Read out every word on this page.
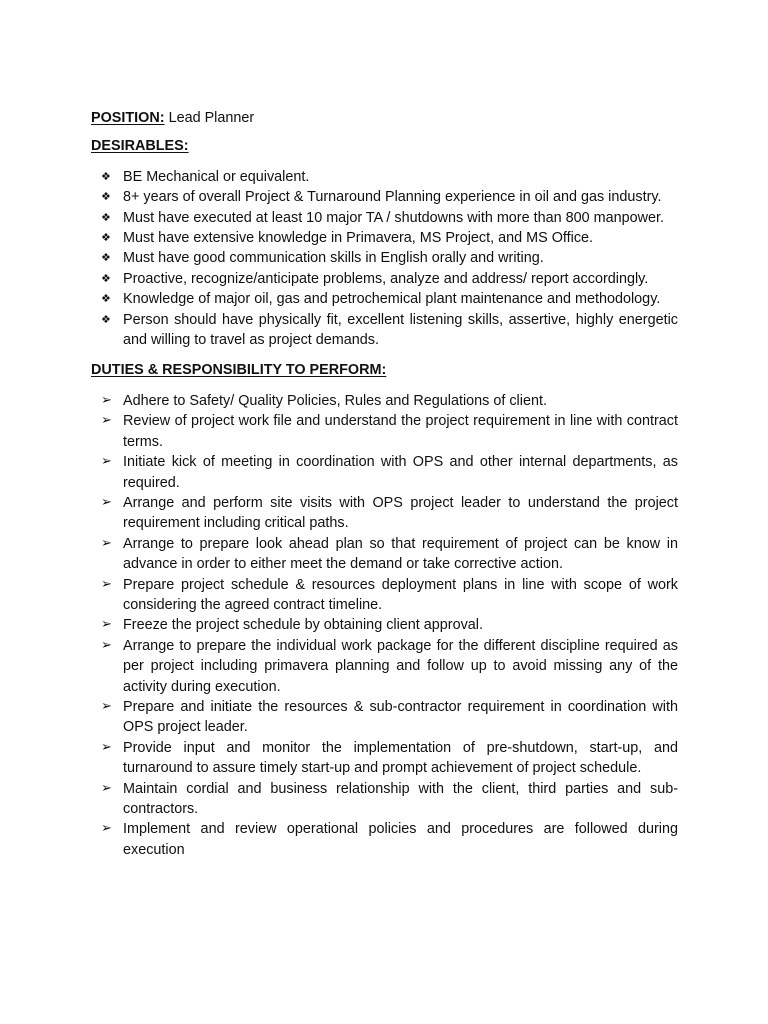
POSITION: Lead Planner

DESIRABLES:

❖ BE Mechanical or equivalent.
❖ 8+ years of overall Project & Turnaround Planning experience in oil and gas industry.
❖ Must have executed at least 10 major TA / shutdowns with more than 800 manpower.
❖ Must have extensive knowledge in Primavera, MS Project, and MS Office.
❖ Must have good communication skills in English orally and writing.
❖ Proactive, recognize/anticipate problems, analyze and address/ report accordingly.
❖ Knowledge of major oil, gas and petrochemical plant maintenance and methodology.
❖ Person should have physically fit, excellent listening skills, assertive, highly energetic and willing to travel as project demands.

DUTIES & RESPONSIBILITY TO PERFORM:

➢ Adhere to Safety/ Quality Policies, Rules and Regulations of client.
➢ Review of project work file and understand the project requirement in line with contract terms.
➢ Initiate kick of meeting in coordination with OPS and other internal departments, as required.
➢ Arrange and perform site visits with OPS project leader to understand the project requirement including critical paths.
➢ Arrange to prepare look ahead plan so that requirement of project can be know in advance in order to either meet the demand or take corrective action.
➢ Prepare project schedule & resources deployment plans in line with scope of work considering the agreed contract timeline.
➢ Freeze the project schedule by obtaining client approval.
➢ Arrange to prepare the individual work package for the different discipline required as per project including primavera planning and follow up to avoid missing any of the activity during execution.
➢ Prepare and initiate the resources & sub-contractor requirement in coordination with OPS project leader.
➢ Provide input and monitor the implementation of pre-shutdown, start-up, and turnaround to assure timely start-up and prompt achievement of project schedule.
➢ Maintain cordial and business relationship with the client, third parties and sub-contractors.
➢ Implement and review operational policies and procedures are followed during execution
